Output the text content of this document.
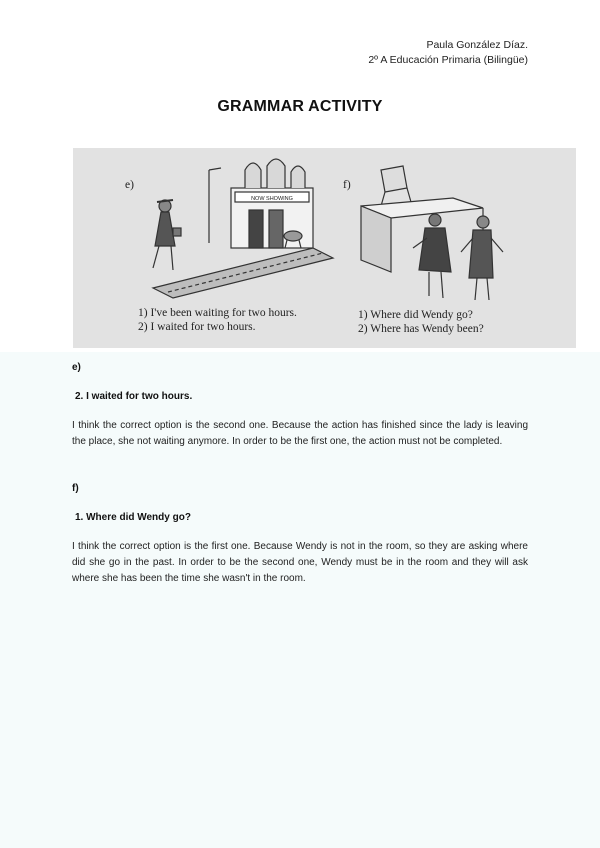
Paula González Díaz.
2º A Educación Primaria (Bilingüe)
GRAMMAR ACTIVITY
e)
NOW SHOWING
1) I've been waiting for two hours.
2) I waited for two hours.
f)
1) Where did Wendy go?
2) Where has Wendy been?
e)
2. I waited for two hours.
I think the correct option is the second one. Because the action has finished since the lady is leaving the place, she not waiting anymore. In order to be the first one, the action must not be completed.
f)
1. Where did Wendy go?
I think the correct option is the first one. Because Wendy is not in the room, so they are asking where did she go in the past. In order to be the second one, Wendy must be in the room and they will ask where she has been the time she wasn't in the room.
